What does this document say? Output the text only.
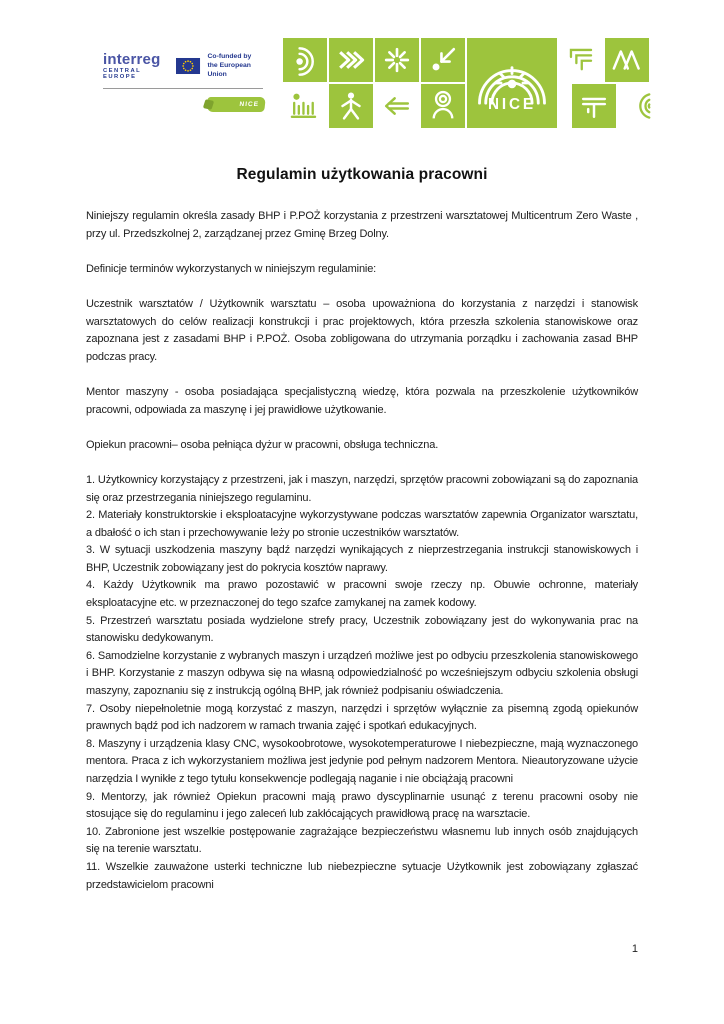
interreg
CENTRAL EUROPE
Co-funded by
the European Union
NICE	NICE
Regulamin użytkowania pracowni

Niniejszy regulamin określa zasady BHP i P.POŻ korzystania z przestrzeni warsztatowej Multicentrum Zero Waste , przy ul. Przedszkolnej 2, zarządzanej przez Gminę Brzeg Dolny.

Definicje terminów wykorzystanych w niniejszym regulaminie:

Uczestnik warsztatów / Użytkownik warsztatu – osoba upoważniona do korzystania z narzędzi i stanowisk warsztatowych do celów realizacji konstrukcji i prac projektowych, która przeszła szkolenia stanowiskowe oraz zapoznana jest z zasadami BHP i P.POŻ. Osoba zobligowana do utrzymania porządku i zachowania zasad BHP podczas pracy.

Mentor maszyny - osoba posiadająca specjalistyczną wiedzę, która pozwala na przeszkolenie użytkowników pracowni, odpowiada za maszynę i jej prawidłowe użytkowanie.

Opiekun pracowni– osoba pełniąca dyżur w pracowni, obsługa techniczna.

1. Użytkownicy korzystający z przestrzeni, jak i maszyn, narzędzi, sprzętów pracowni zobowiązani są do zapoznania się oraz przestrzegania niniejszego regulaminu.

2. Materiały konstruktorskie i eksploatacyjne wykorzystywane podczas warsztatów zapewnia Organizator warsztatu, a dbałość o ich stan i przechowywanie leży po stronie uczestników warsztatów.

3. W sytuacji uszkodzenia maszyny bądź narzędzi wynikających z nieprzestrzegania instrukcji stanowiskowych i BHP, Uczestnik zobowiązany jest do pokrycia kosztów naprawy.

4. Każdy Użytkownik ma prawo pozostawić w pracowni swoje rzeczy np. Obuwie ochronne, materiały eksploatacyjne etc. w przeznaczonej do tego szafce zamykanej na zamek kodowy.

5. Przestrzeń warsztatu posiada wydzielone strefy pracy, Uczestnik zobowiązany jest do wykonywania prac na stanowisku dedykowanym.

6. Samodzielne korzystanie z wybranych maszyn i urządzeń możliwe jest po odbyciu przeszkolenia stanowiskowego i BHP. Korzystanie z maszyn odbywa się na własną odpowiedzialność po wcześniejszym odbyciu szkolenia obsługi maszyny, zapoznaniu się z instrukcją ogólną BHP, jak również podpisaniu oświadczenia.

7. Osoby niepełnoletnie mogą korzystać z maszyn, narzędzi i sprzętów wyłącznie za pisemną zgodą opiekunów prawnych bądź pod ich nadzorem w ramach trwania zajęć i spotkań edukacyjnych.

8. Maszyny i urządzenia klasy CNC, wysokoobrotowe, wysokotemperaturowe I niebezpieczne, mają wyznaczonego mentora. Praca z ich wykorzystaniem możliwa jest jedynie pod pełnym nadzorem Mentora. Nieautoryzowane użycie narzędzia I wynikłe z tego tytułu konsekwencje podlegają naganie i nie obciążają pracowni

9. Mentorzy, jak również Opiekun pracowni mają prawo dyscyplinarnie usunąć z terenu pracowni osoby nie stosujące się do regulaminu i jego zaleceń lub zakłócających prawidłową pracę na warsztacie.

10. Zabronione jest wszelkie postępowanie zagrażające bezpieczeństwu własnemu lub innych osób znajdujących się na terenie warsztatu.

11. Wszelkie zauważone usterki techniczne lub niebezpieczne sytuacje Użytkownik jest zobowiązany zgłaszać przedstawicielom pracowni

1
